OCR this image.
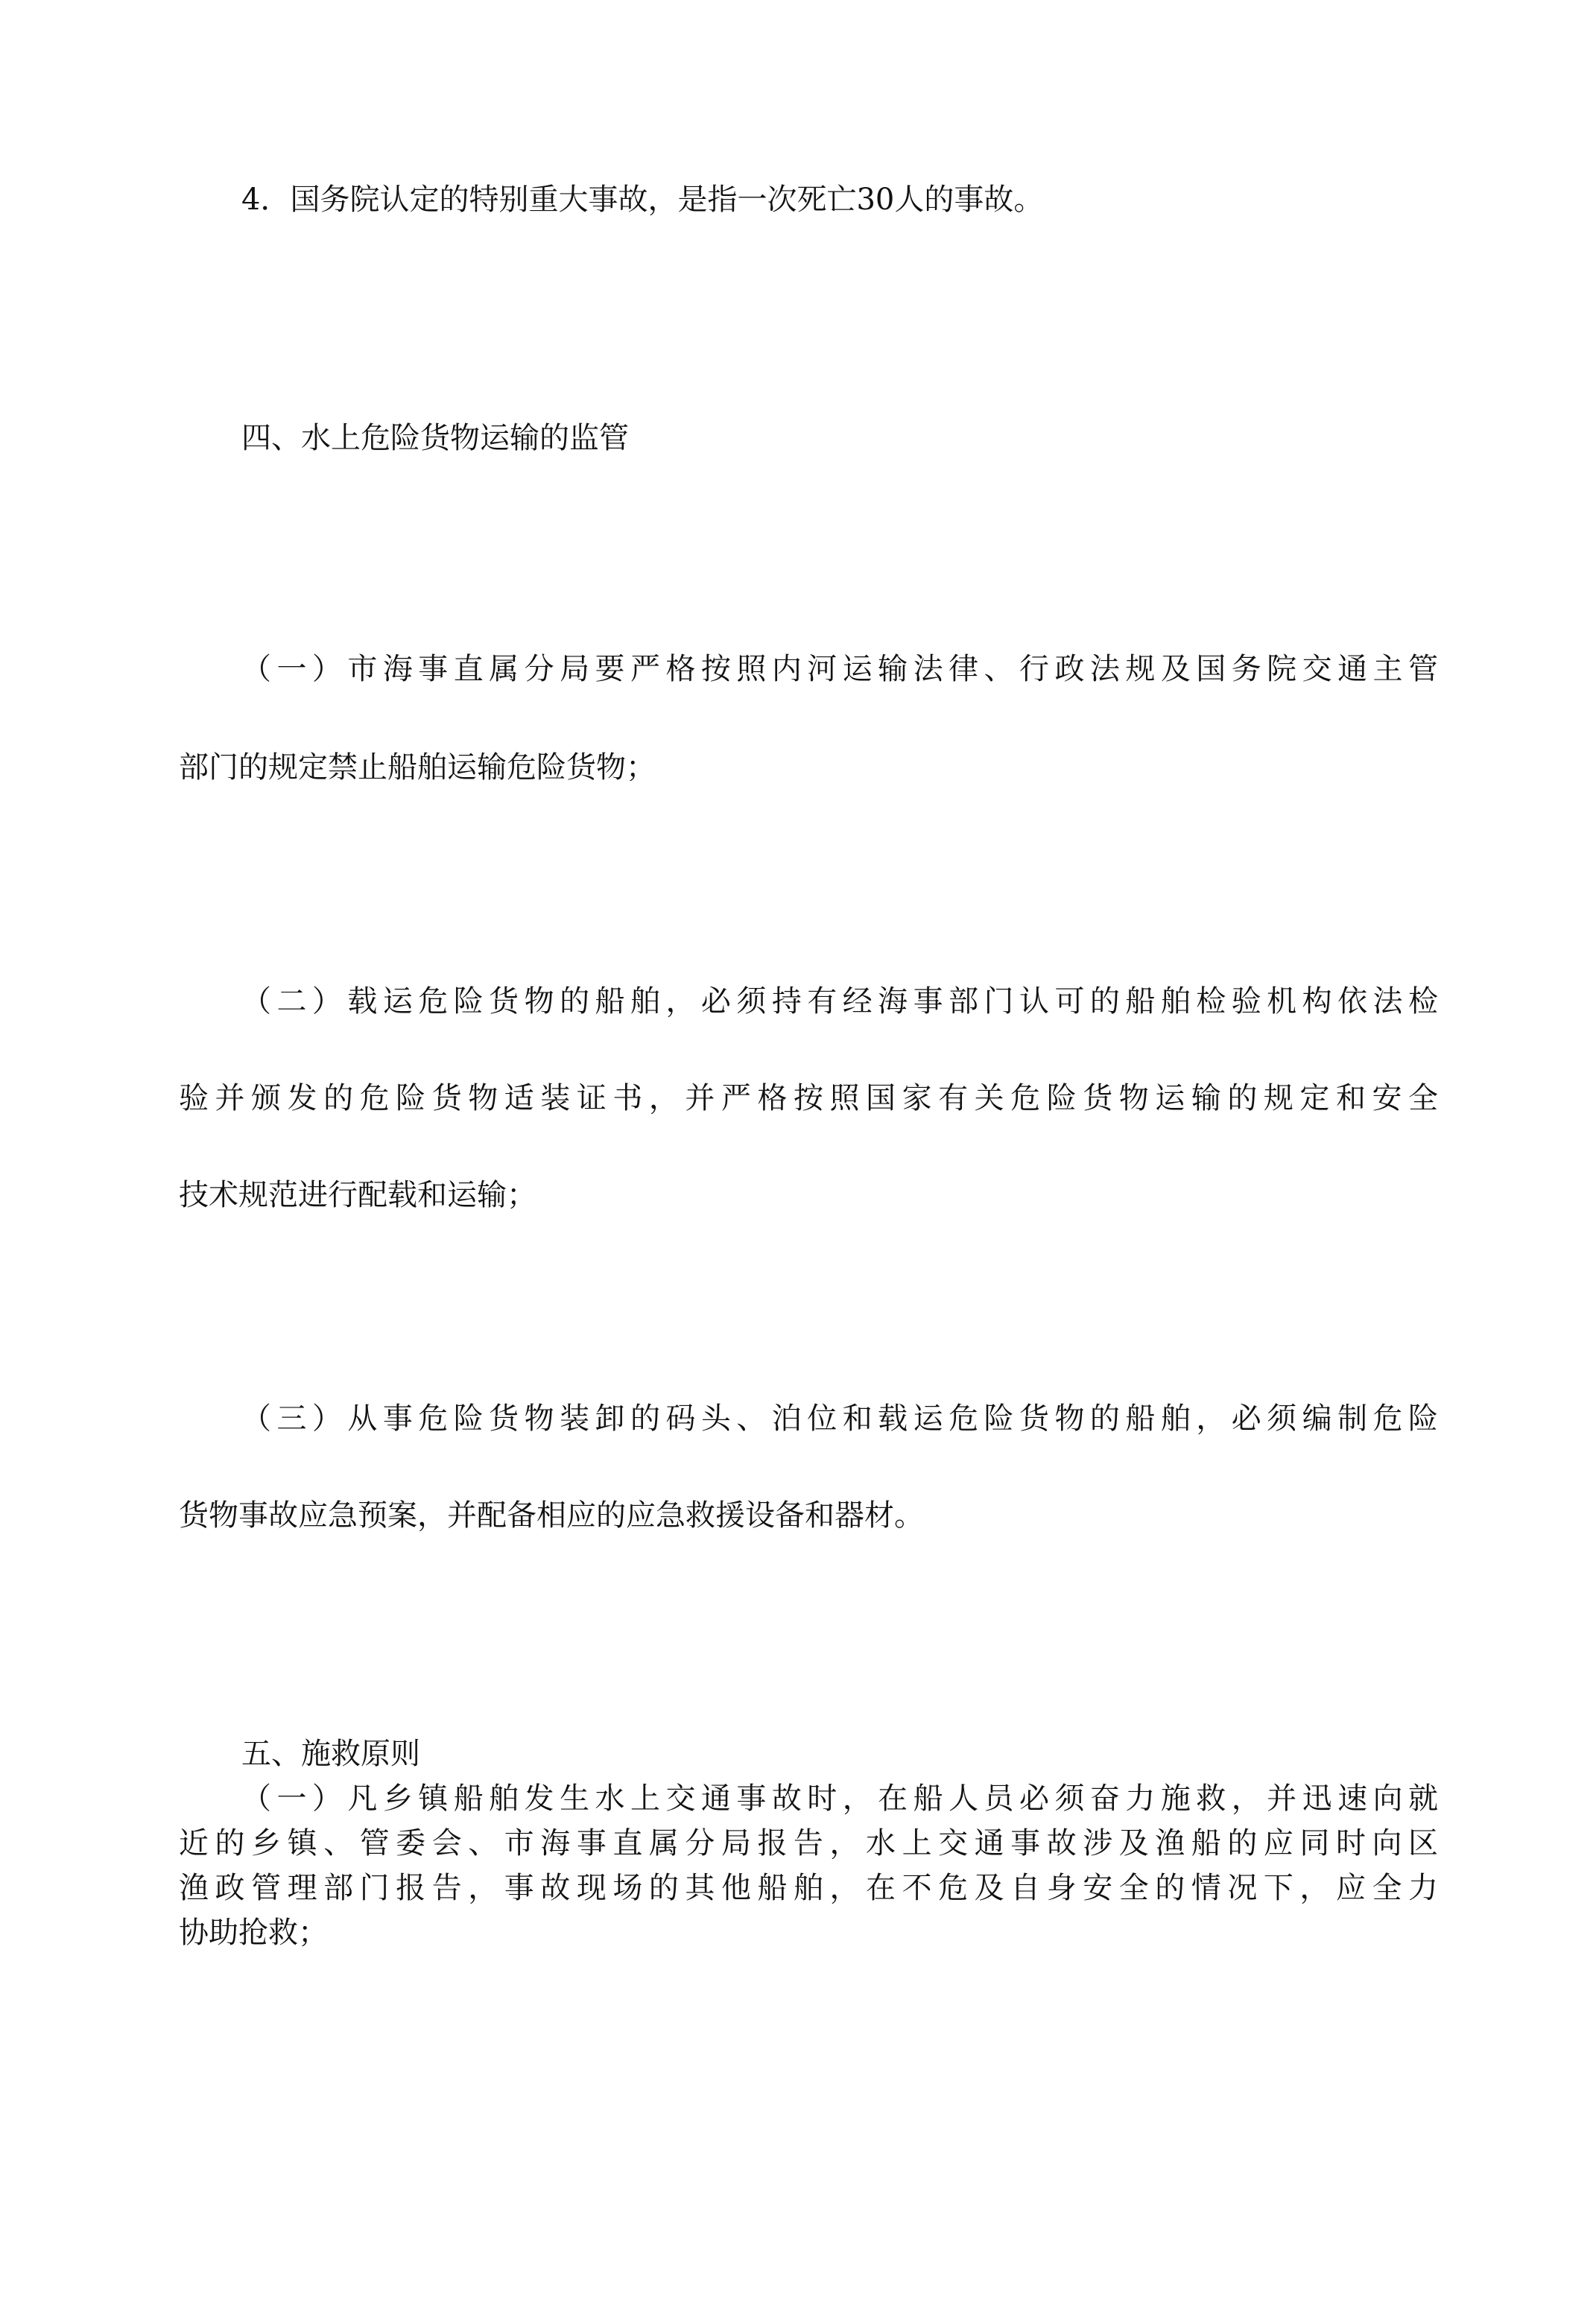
4．国务院认定的特别重大事故，是指一次死亡30人的事故。

四、水上危险货物运输的监管

（一）市海事直属分局要严格按照内河运输法律、行政法规及国务院交通主管

部门的规定禁止船舶运输危险货物；

（二）载运危险货物的船舶，必须持有经海事部门认可的船舶检验机构依法检

验并颁发的危险货物适装证书，并严格按照国家有关危险货物运输的规定和安全

技术规范进行配载和运输；

（三）从事危险货物装卸的码头、泊位和载运危险货物的船舶，必须编制危险

货物事故应急预案，并配备相应的应急救援设备和器材。

五、施救原则

（一）凡乡镇船舶发生水上交通事故时，在船人员必须奋力施救，并迅速向就

近的乡镇、管委会、市海事直属分局报告，水上交通事故涉及渔船的应同时向区

渔政管理部门报告，事故现场的其他船舶，在不危及自身安全的情况下，应全力

协助抢救；
